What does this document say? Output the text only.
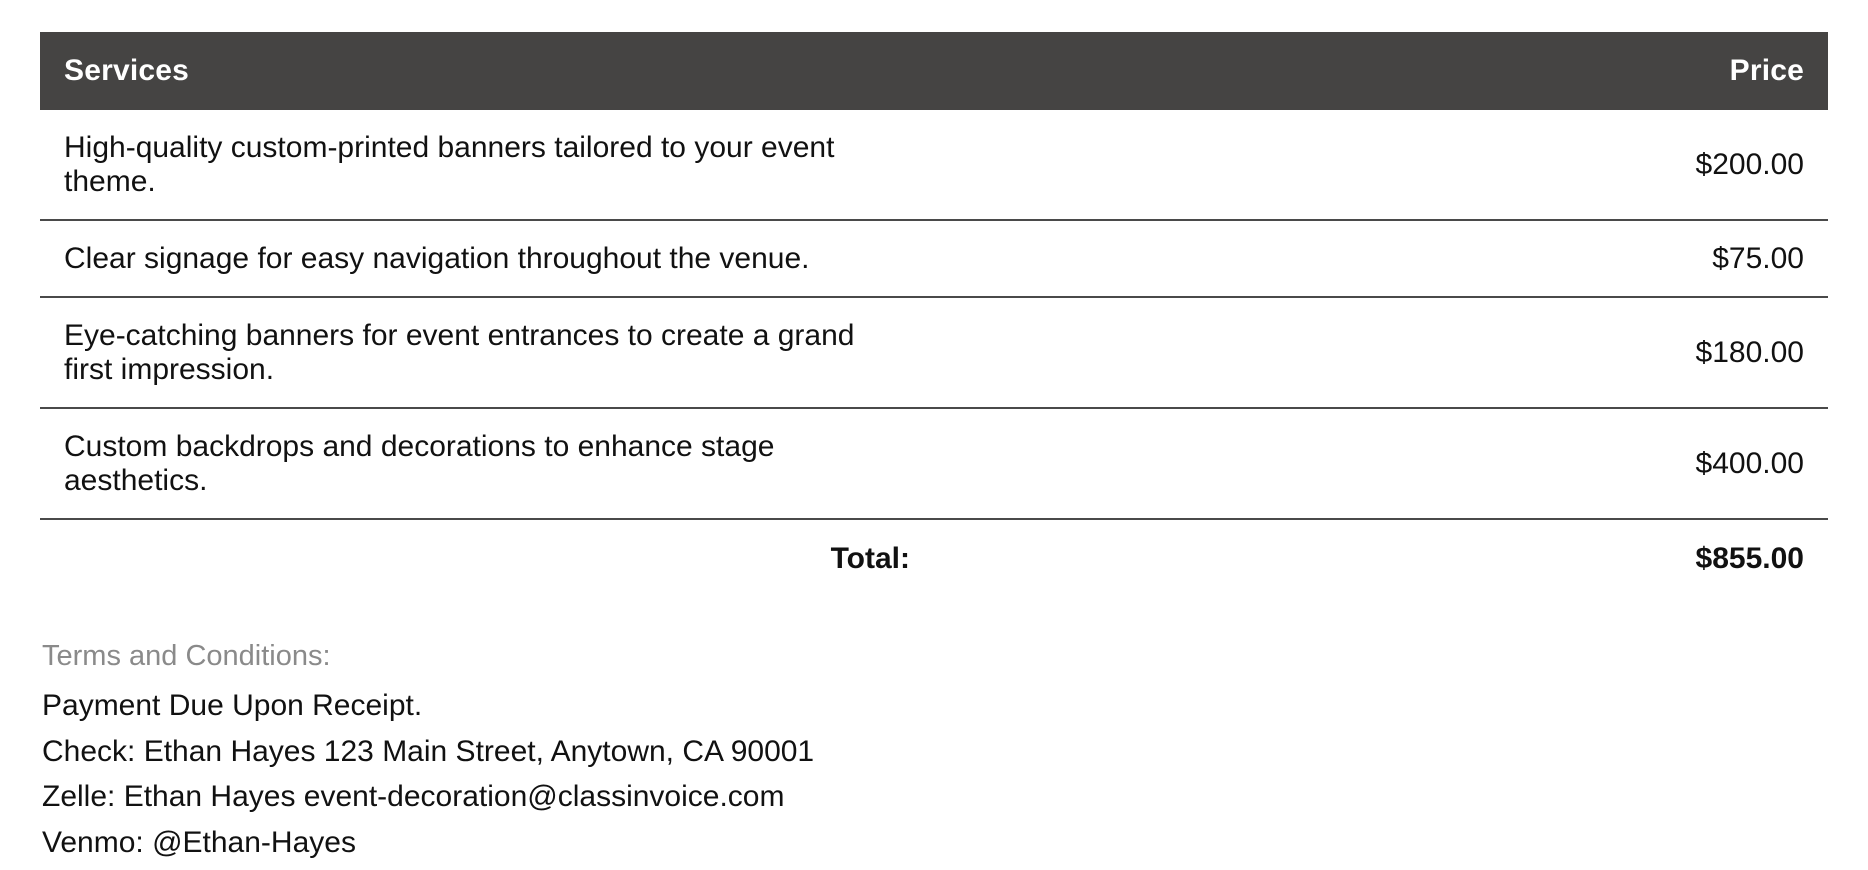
Services	Price
High-quality custom-printed banners tailored to your event theme.	$200.00
Clear signage for easy navigation throughout the venue.	$75.00
Eye-catching banners for event entrances to create a grand first impression.	$180.00
Custom backdrops and decorations to enhance stage aesthetics.	$400.00
Total:	$855.00
Terms and Conditions:
Payment Due Upon Receipt.
Check: Ethan Hayes 123 Main Street, Anytown, CA 90001
Zelle: Ethan Hayes event-decoration@classinvoice.com
Venmo: @Ethan-Hayes
